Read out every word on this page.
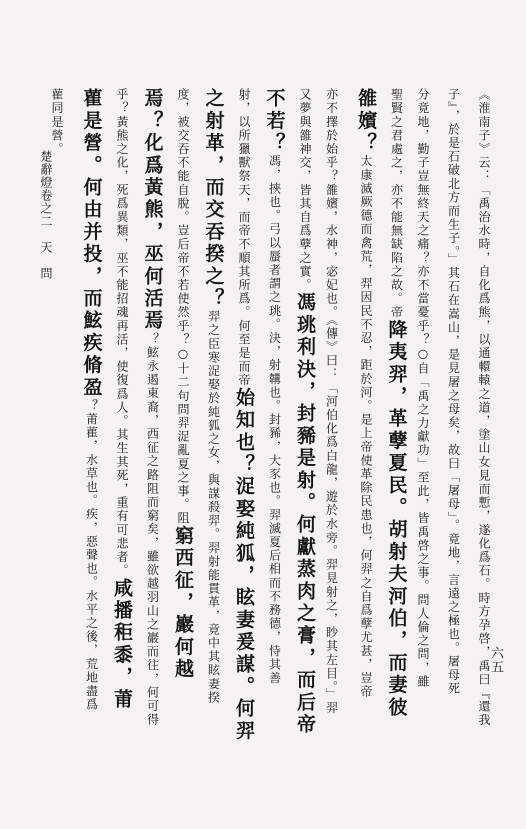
《淮南子》云：「禹治水時，自化爲熊，以通轘轅之道，塗山女見而慙，遂化爲石。時方孕啓，禹曰『還我
子』，於是石破北方而生子。」其石在嵩山，是見屠之母矣，故曰「屠母」。竟地，言遠之極也。屠母死
分竟地，勤子豈無終天之痛？亦不當憂乎？○自「禹之力獻功」至此，皆禹啓之事。問人倫之問，雖
聖賢之君處之，亦不能無缺陷之故。帝降夷羿，革孽夏民。胡射夫河伯，而妻彼
雒嬪？太康滅厥德而禽荒，羿因民不忍，距於河。是上帝使革除民患也，何羿之自爲孽尤甚，豈帝
亦不擇於始乎？雒嬪，水神，宓妃也。《傳》曰：「河伯化爲白龍，遊於水旁。羿見射之，眇其左目。」羿
又夢與雒神交，皆其自爲孽之實。馮珧利決，封豨是射。何獻蒸肉之膏，而后帝
不若？馮，挾也。弓以蜃者謂之珧。決，射韝也。封豨，大豕也。羿滅夏后相而不務德，恃其善
射，以所獵獸祭天，而帝不順其所爲。何至是而帝始知也？浞娶純狐，眩妻爰謀。何羿
之射革，而交吞揆之？羿之臣寒浞娶於純狐之女，與謀殺羿。羿射能貫革，竟中其眩妻揆
度，被交吞不能自脫。豈后帝不若使然乎？○十二句問羿浞亂夏之事。阻窮西征，巖何越
焉？化爲黃熊，巫何活焉？鮌永遏東裔，西征之路阻而窮矣，雖欲越羽山之巖而往，何可得
乎？黃熊之化，死爲異類，巫不能招魂再活，使復爲人。其生其死，重有可悲者。咸播秬黍，莆
雚是營。何由并投，而鮌疾脩盈？莆雚，水草也。疾，惡聲也。水平之後，荒地盡爲
雚同是營。
楚辭燈卷之二　天　問
六五
